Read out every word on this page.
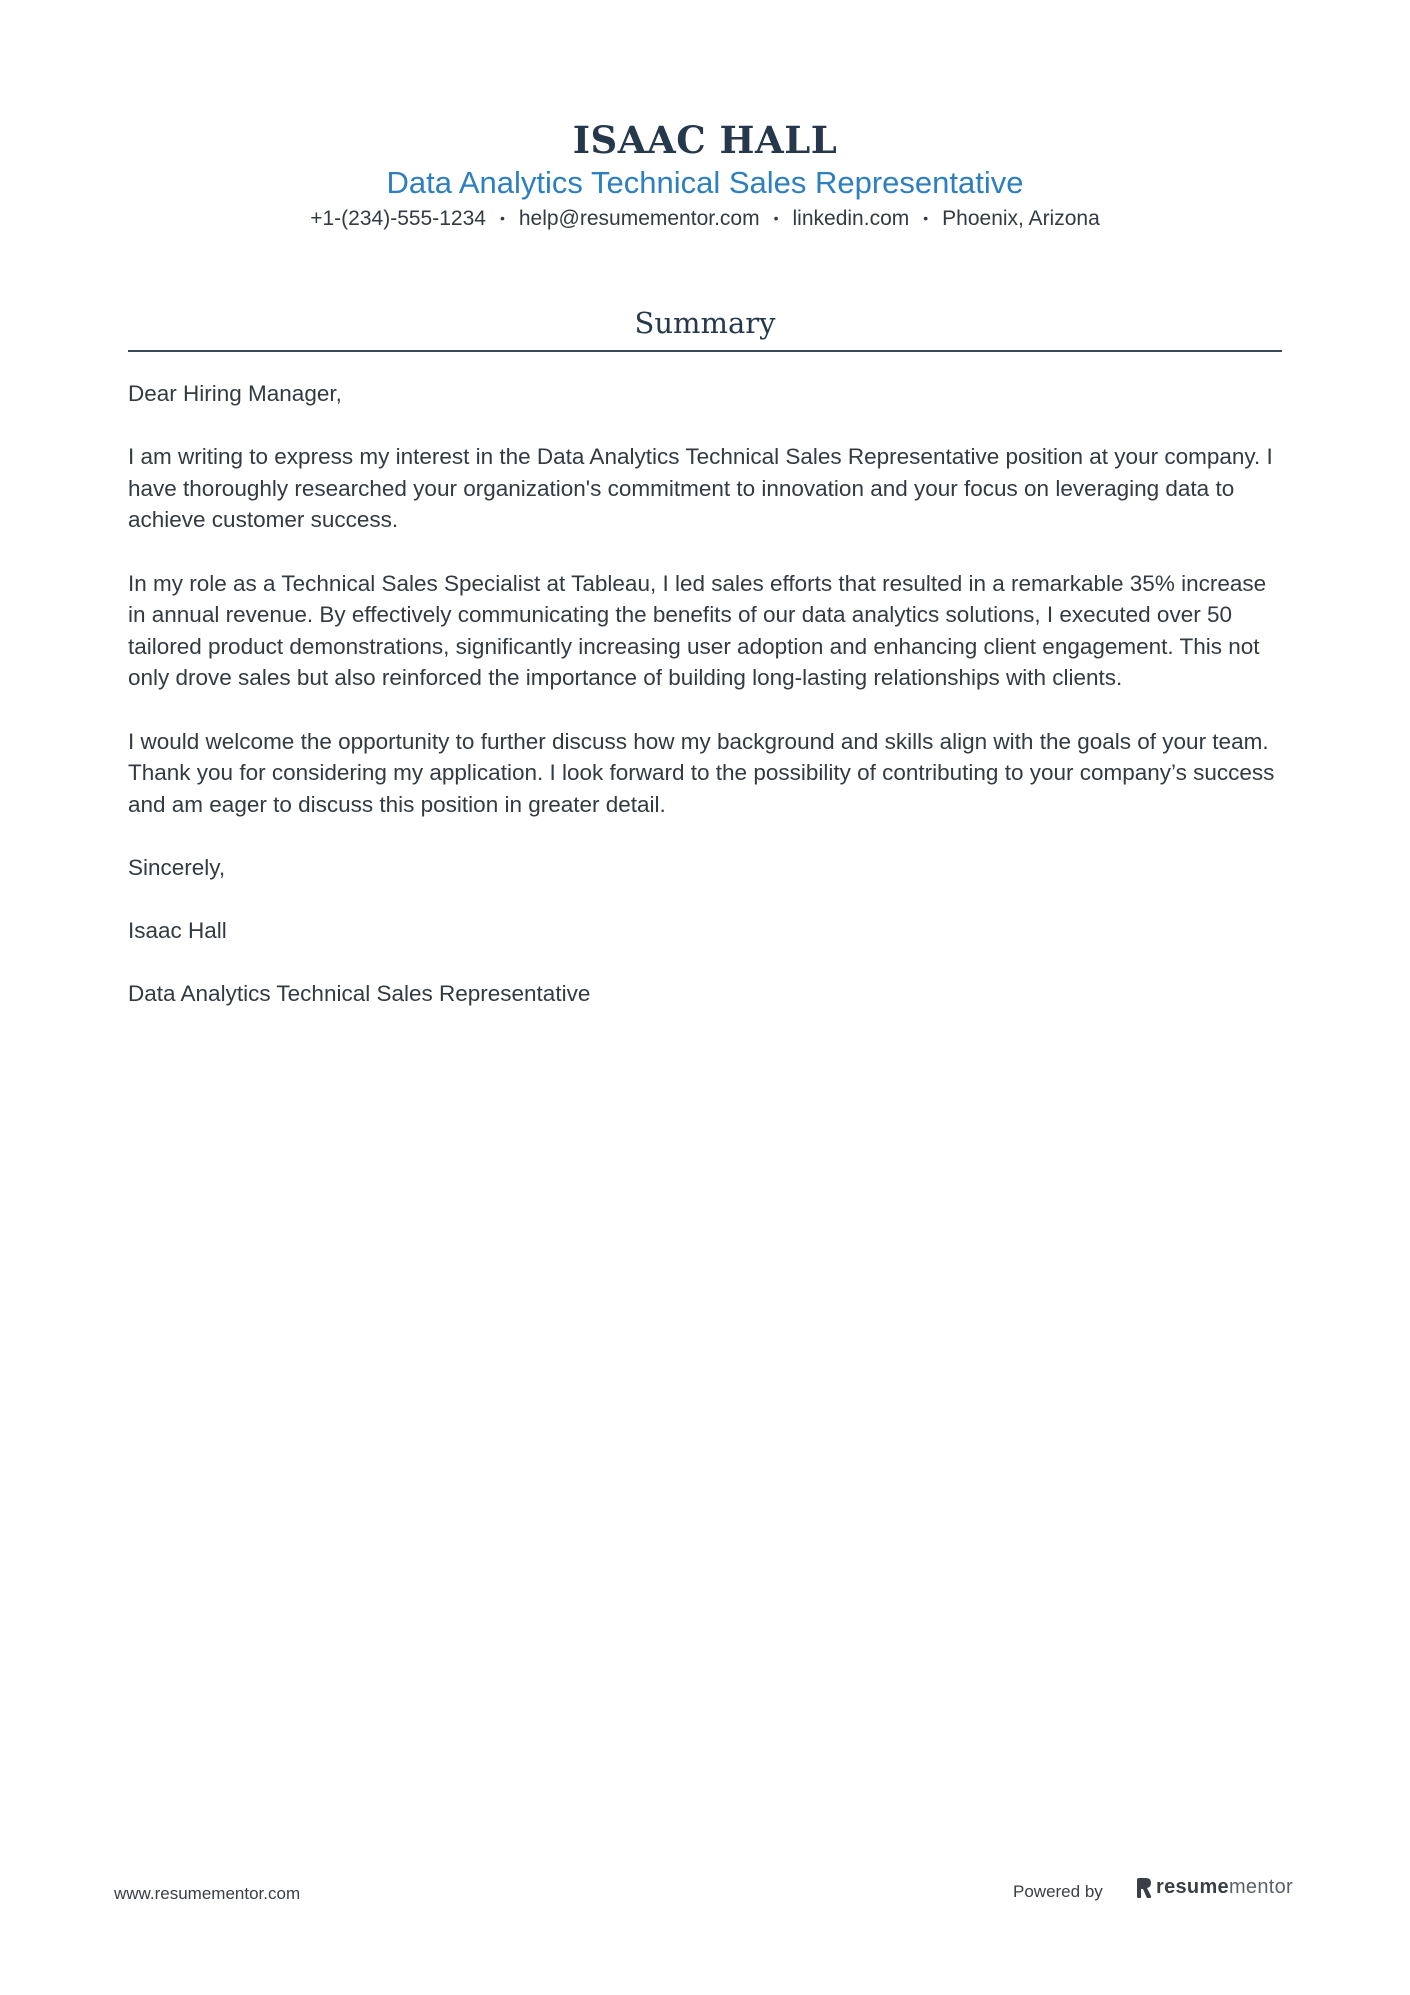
ISAAC HALL
Data Analytics Technical Sales Representative
+1-(234)-555-1234 • help@resumementor.com • linkedin.com • Phoenix, Arizona
Summary

Dear Hiring Manager,

I am writing to express my interest in the Data Analytics Technical Sales Representative position at your company. I have thoroughly researched your organization's commitment to innovation and your focus on leveraging data to achieve customer success.

In my role as a Technical Sales Specialist at Tableau, I led sales efforts that resulted in a remarkable 35% increase in annual revenue. By effectively communicating the benefits of our data analytics solutions, I executed over 50 tailored product demonstrations, significantly increasing user adoption and enhancing client engagement. This not only drove sales but also reinforced the importance of building long-lasting relationships with clients.

I would welcome the opportunity to further discuss how my background and skills align with the goals of your team. Thank you for considering my application. I look forward to the possibility of contributing to your company’s success and am eager to discuss this position in greater detail.

Sincerely,

Isaac Hall

Data Analytics Technical Sales Representative

www.resumementor.com	Powered by	resumementor
